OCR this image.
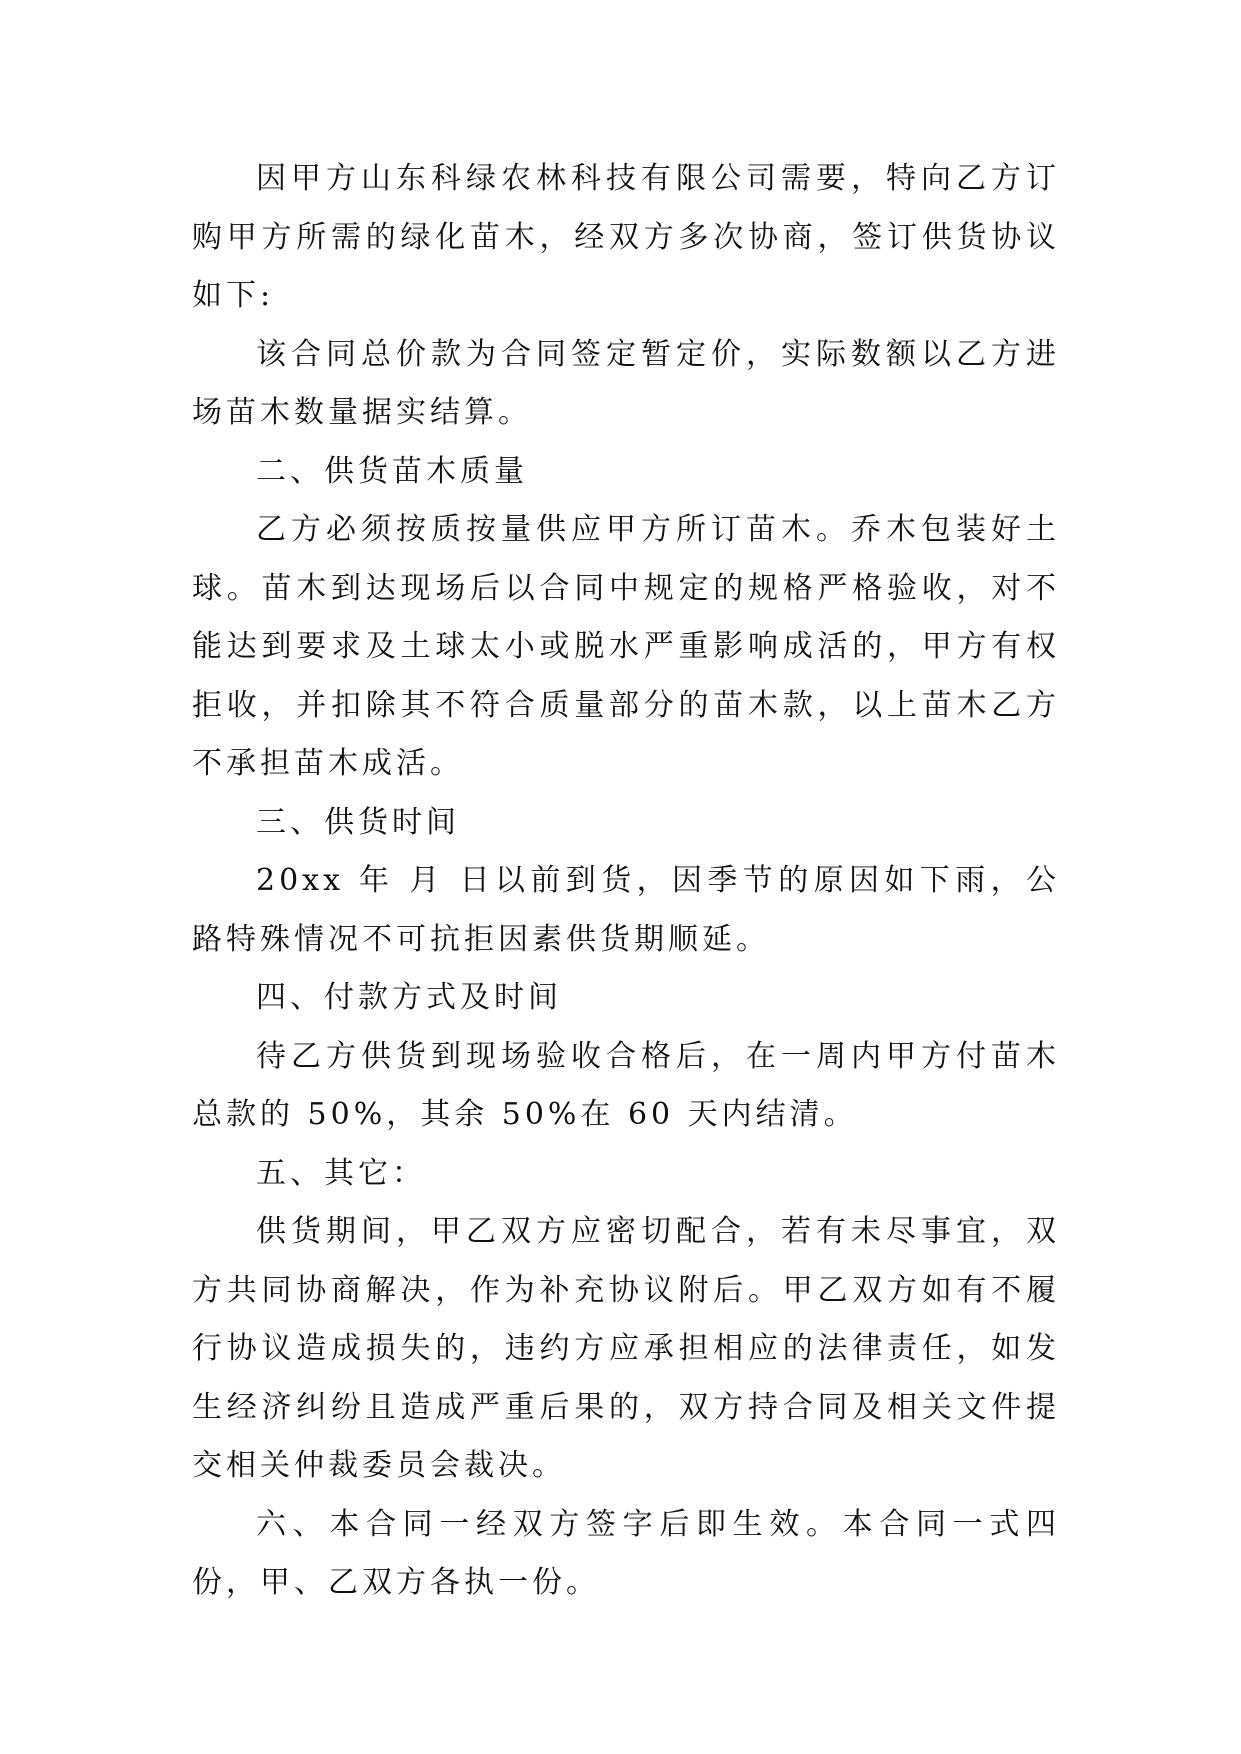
因甲方山东科绿农林科技有限公司需要，特向乙方订购甲方所需的绿化苗木，经双方多次协商，签订供货协议如下:

该合同总价款为合同签定暂定价，实际数额以乙方进场苗木数量据实结算。

二、供货苗木质量

乙方必须按质按量供应甲方所订苗木。乔木包装好土球。苗木到达现场后以合同中规定的规格严格验收，对不能达到要求及土球太小或脱水严重影响成活的，甲方有权拒收，并扣除其不符合质量部分的苗木款，以上苗木乙方不承担苗木成活。

三、供货时间

20xx 年 月 日以前到货，因季节的原因如下雨，公路特殊情况不可抗拒因素供货期顺延。

四、付款方式及时间

待乙方供货到现场验收合格后，在一周内甲方付苗木总款的 50%，其余 50%在 60 天内结清。

五、其它：

供货期间，甲乙双方应密切配合，若有未尽事宜，双方共同协商解决，作为补充协议附后。甲乙双方如有不履行协议造成损失的，违约方应承担相应的法律责任，如发生经济纠纷且造成严重后果的，双方持合同及相关文件提交相关仲裁委员会裁决。

六、本合同一经双方签字后即生效。本合同一式四份，甲、乙双方各执一份。
